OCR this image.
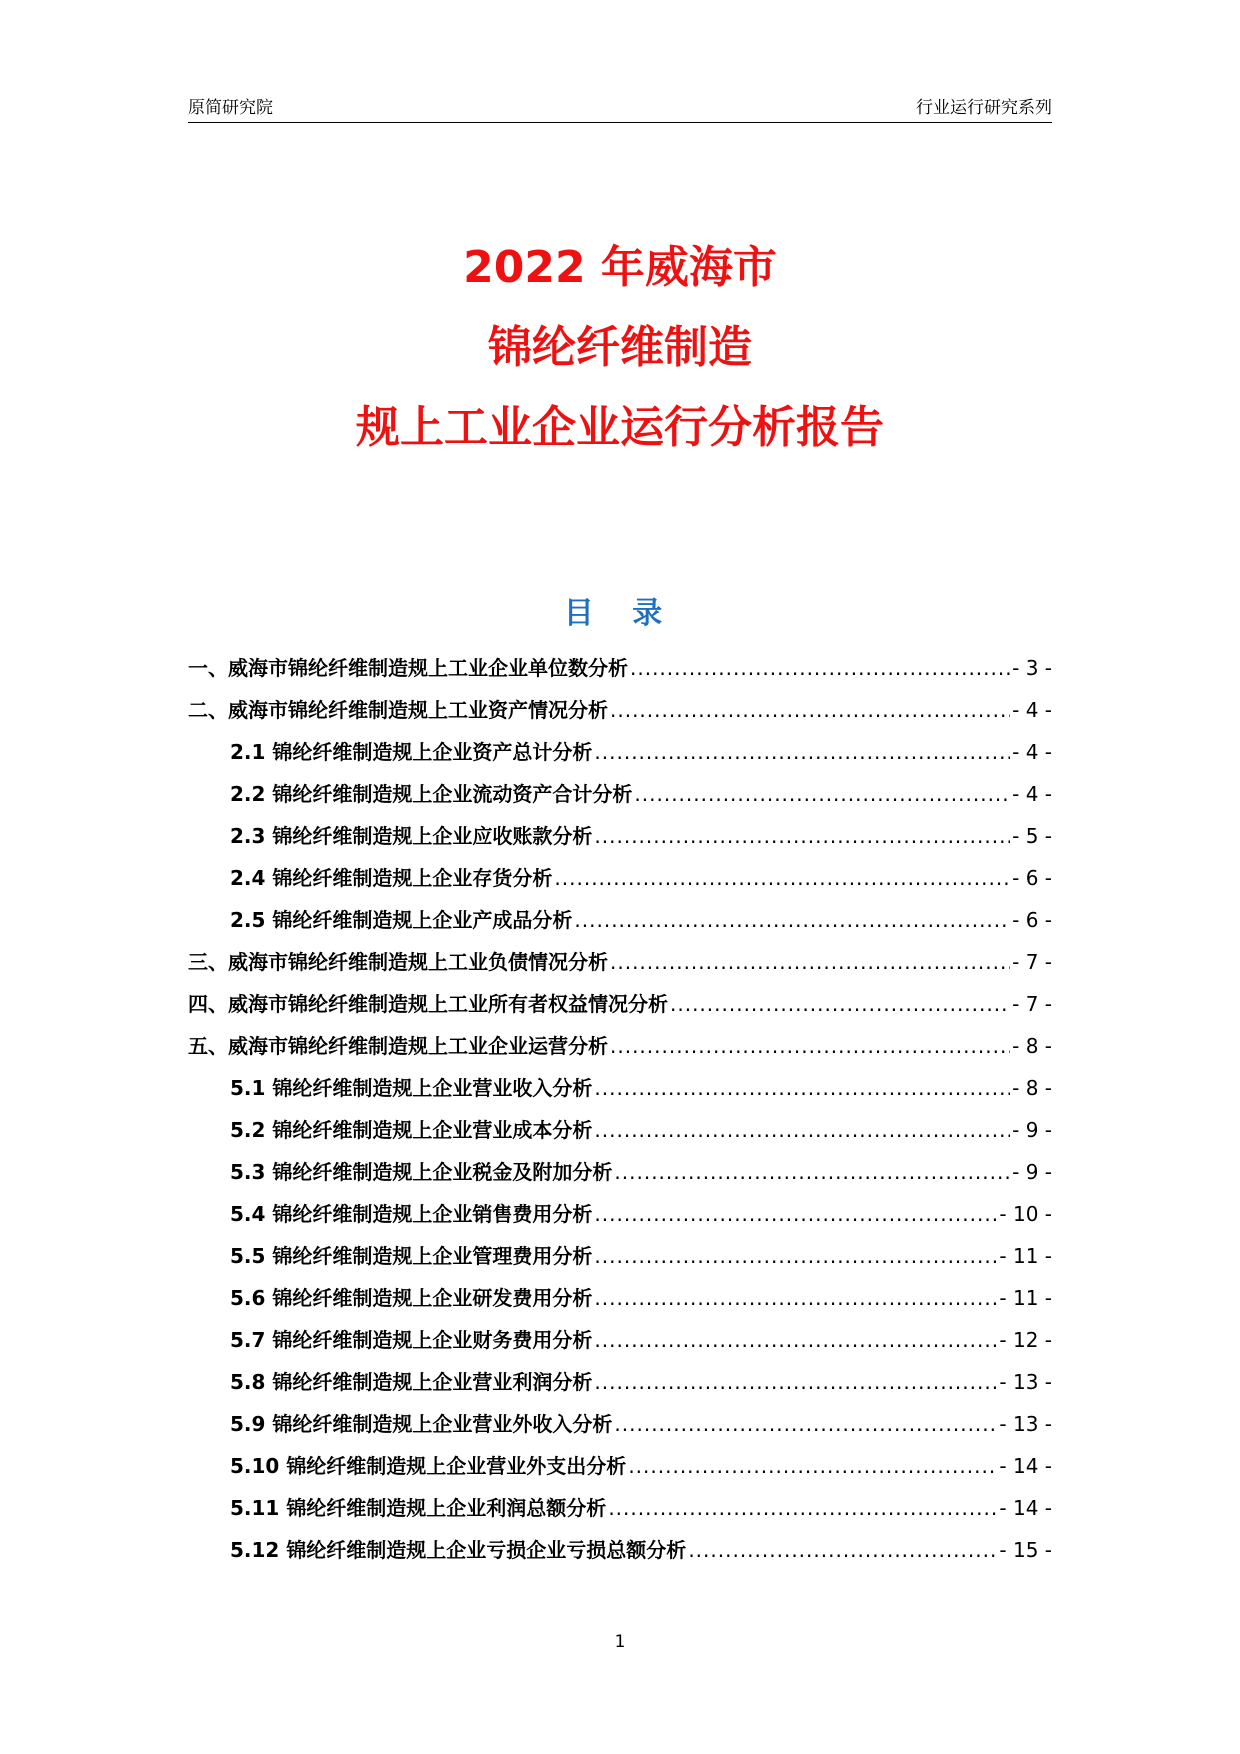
原简研究院	行业运行研究系列
2022 年威海市
锦纶纤维制造
规上工业企业运行分析报告
目 录
一、威海市锦纶纤维制造规上工业企业单位数分析 .....	- 3 -
二、威海市锦纶纤维制造规上工业资产情况分析 .....	- 4 -
2.1 锦纶纤维制造规上企业资产总计分析 .....	- 4 -
2.2 锦纶纤维制造规上企业流动资产合计分析 .....	- 4 -
2.3 锦纶纤维制造规上企业应收账款分析 .....	- 5 -
2.4 锦纶纤维制造规上企业存货分析 .....	- 6 -
2.5 锦纶纤维制造规上企业产成品分析 .....	- 6 -
三、威海市锦纶纤维制造规上工业负债情况分析 .....	- 7 -
四、威海市锦纶纤维制造规上工业所有者权益情况分析 .....	- 7 -
五、威海市锦纶纤维制造规上工业企业运营分析 .....	- 8 -
5.1 锦纶纤维制造规上企业营业收入分析 .....	- 8 -
5.2 锦纶纤维制造规上企业营业成本分析 .....	- 9 -
5.3 锦纶纤维制造规上企业税金及附加分析 .....	- 9 -
5.4 锦纶纤维制造规上企业销售费用分析 .....	- 10 -
5.5 锦纶纤维制造规上企业管理费用分析 .....	- 11 -
5.6 锦纶纤维制造规上企业研发费用分析 .....	- 11 -
5.7 锦纶纤维制造规上企业财务费用分析 .....	- 12 -
5.8 锦纶纤维制造规上企业营业利润分析 .....	- 13 -
5.9 锦纶纤维制造规上企业营业外收入分析 .....	- 13 -
5.10 锦纶纤维制造规上企业营业外支出分析 .....	- 14 -
5.11 锦纶纤维制造规上企业利润总额分析 .....	- 14 -
5.12 锦纶纤维制造规上企业亏损企业亏损总额分析 .....	- 15 -
1
